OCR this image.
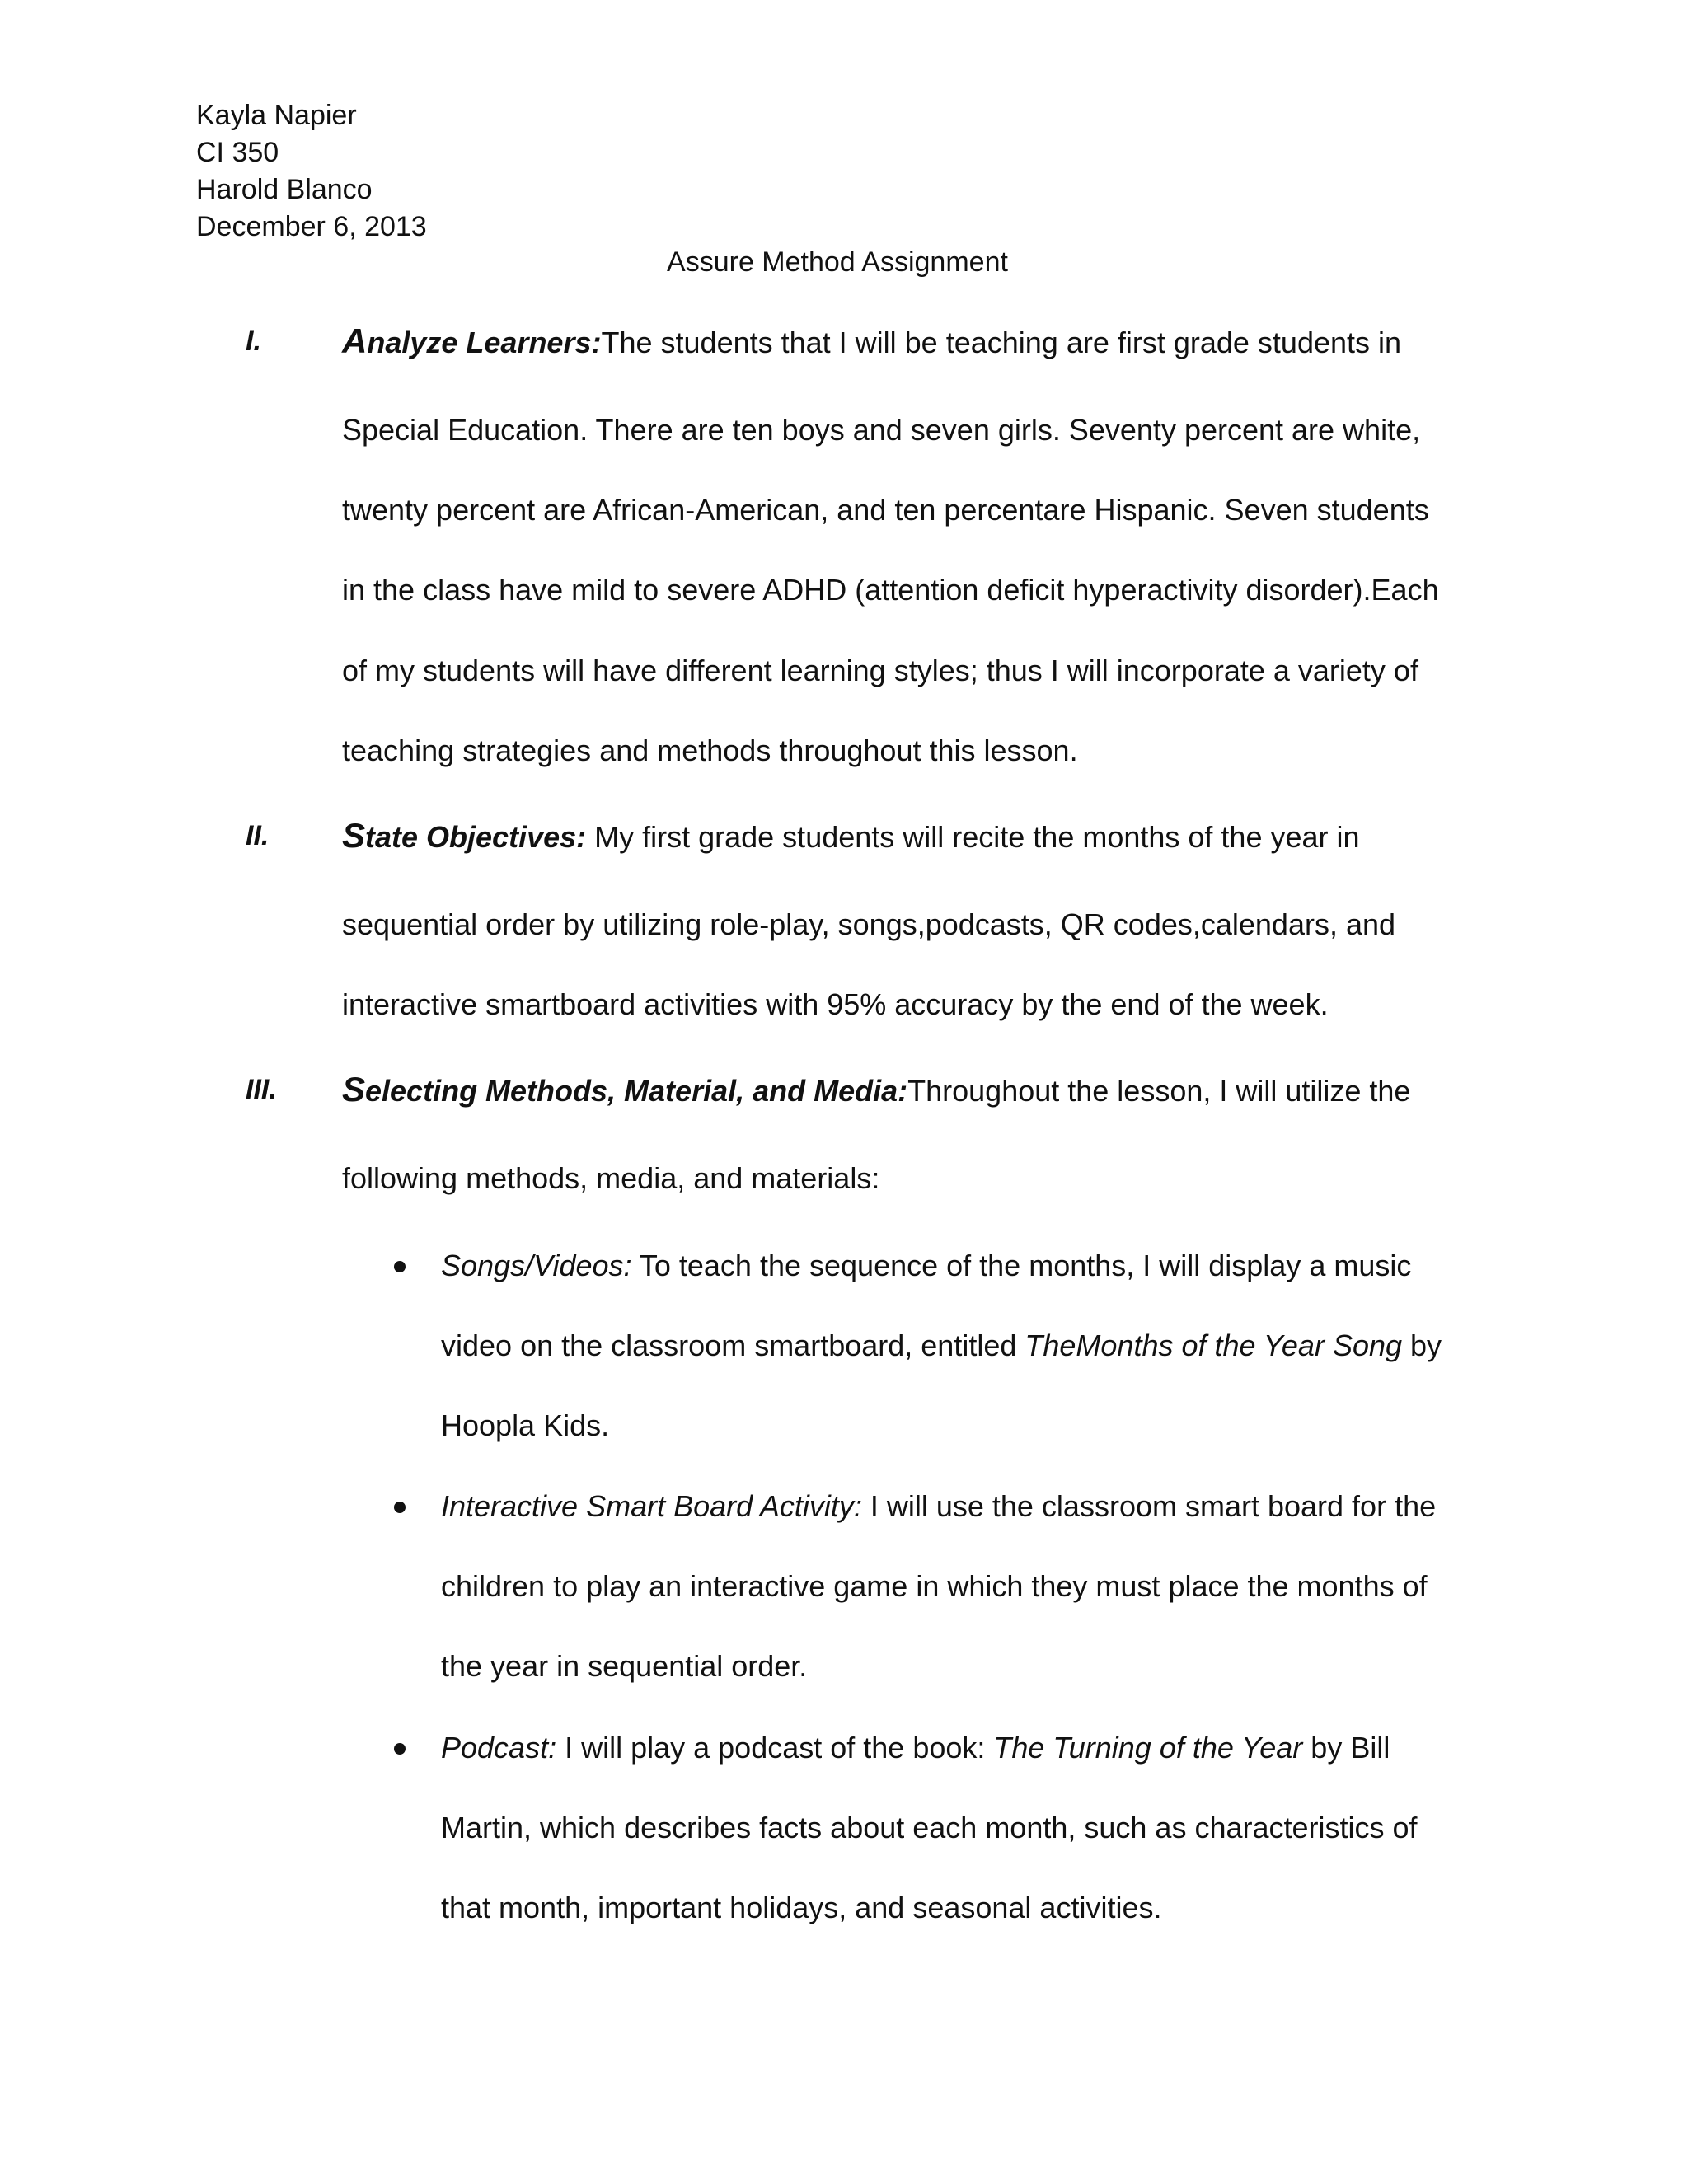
Kayla Napier
CI 350
Harold Blanco
December 6, 2013
Assure Method Assignment
I. Analyze Learners:The students that I will be teaching are first grade students in
Special Education. There are ten boys and seven girls. Seventy percent are white,
twenty percent are African-American, and ten percentare Hispanic. Seven students
in the class have mild to severe ADHD (attention deficit hyperactivity disorder).Each
of my students will have different learning styles; thus I will incorporate a variety of
teaching strategies and methods throughout this lesson.
II. State Objectives: My first grade students will recite the months of the year in
sequential order by utilizing role-play, songs,podcasts, QR codes,calendars, and
interactive smartboard activities with 95% accuracy by the end of the week.
III. Selecting Methods, Material, and Media:Throughout the lesson, I will utilize the
following methods, media, and materials:
Songs/Videos: To teach the sequence of the months, I will display a music
video on the classroom smartboard, entitled TheMonths of the Year Song by
Hoopla Kids.
Interactive Smart Board Activity: I will use the classroom smart board for the
children to play an interactive game in which they must place the months of
the year in sequential order.
Podcast: I will play a podcast of the book: The Turning of the Year by Bill
Martin, which describes facts about each month, such as characteristics of
that month, important holidays, and seasonal activities.
